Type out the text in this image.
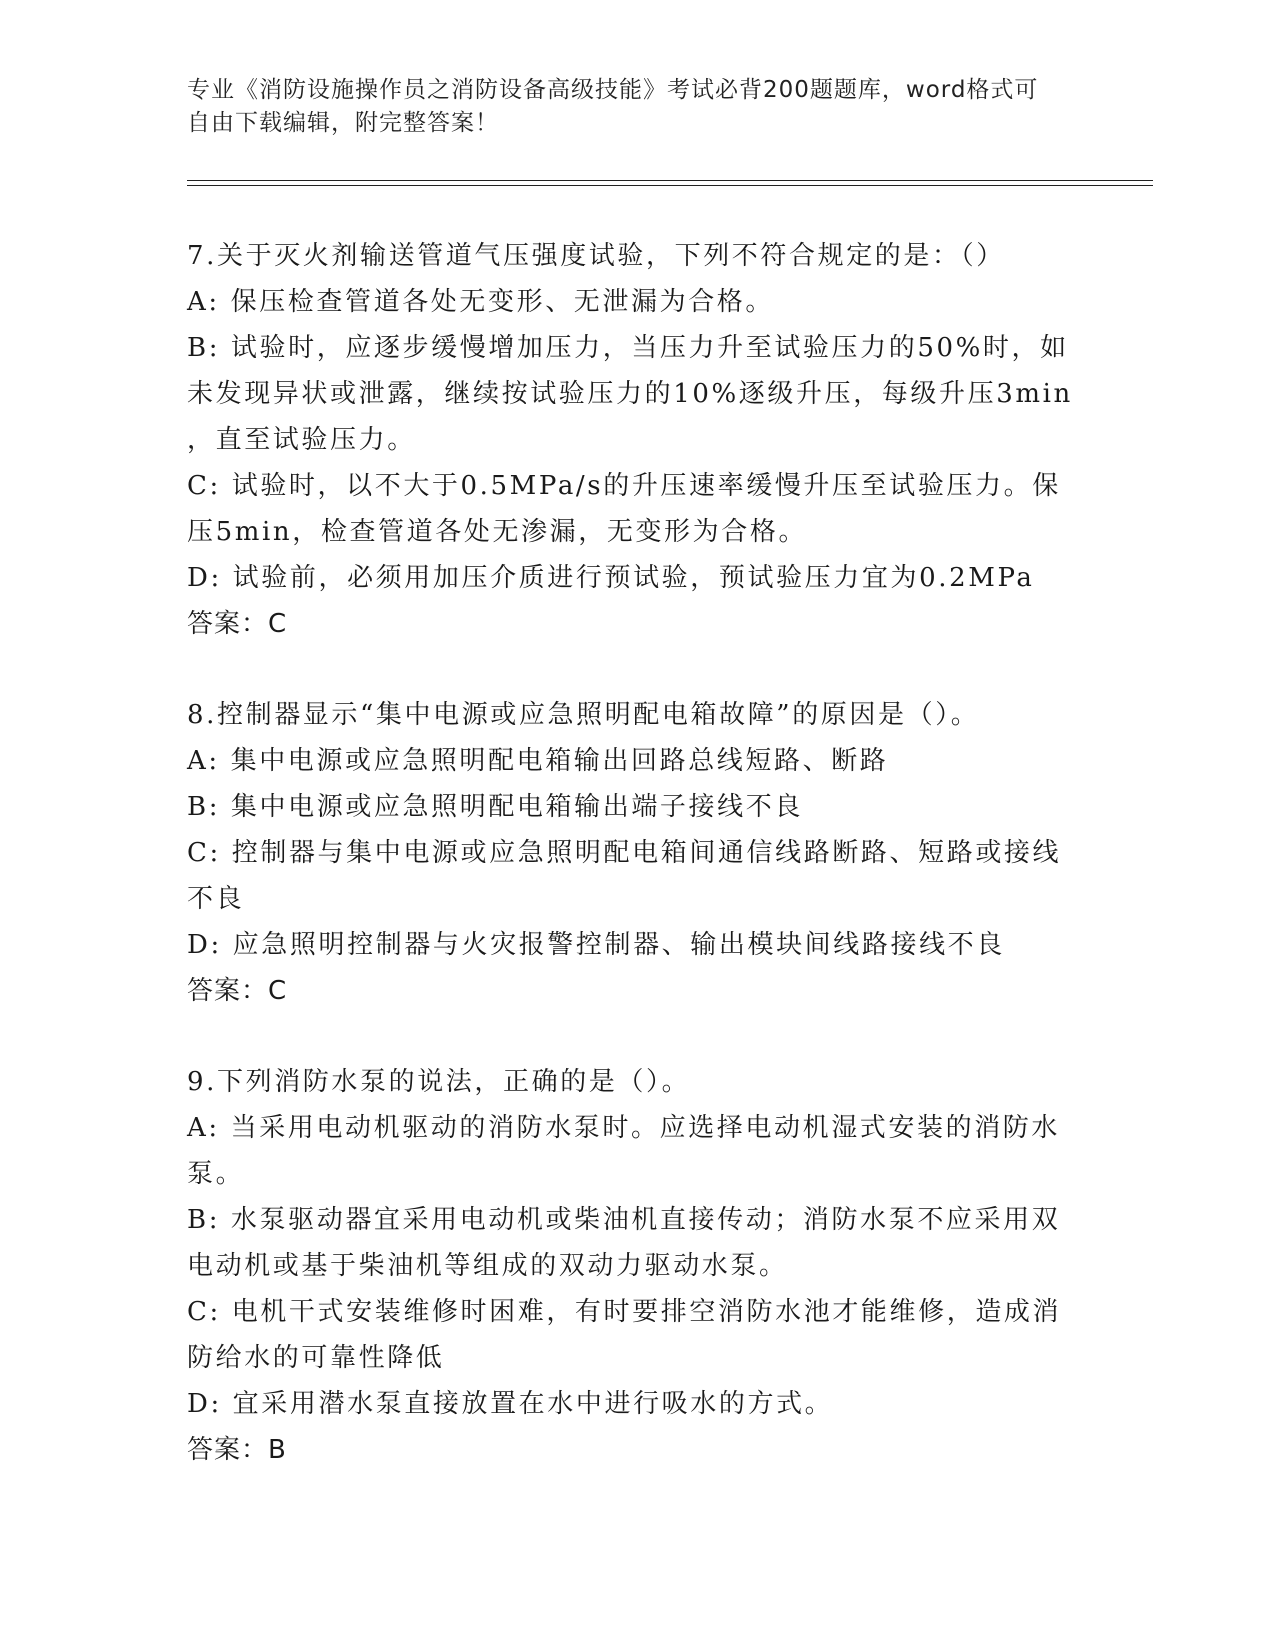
专业《消防设施操作员之消防设备高级技能》考试必背200题题库，word格式可
自由下载编辑，附完整答案！
7.关于灭火剂输送管道气压强度试验，下列不符合规定的是：（）
A: 保压检查管道各处无变形、无泄漏为合格。
B: 试验时，应逐步缓慢增加压力，当压力升至试验压力的50%时，如
未发现异状或泄露，继续按试验压力的10%逐级升压，每级升压3min
，直至试验压力。
C: 试验时，以不大于0.5MPa/s的升压速率缓慢升压至试验压力。保
压5min，检查管道各处无渗漏，无变形为合格。
D: 试验前，必须用加压介质进行预试验，预试验压力宜为0.2MPa
答案：C
8.控制器显示“集中电源或应急照明配电箱故障”的原因是（）。
A: 集中电源或应急照明配电箱输出回路总线短路、断路
B: 集中电源或应急照明配电箱输出端子接线不良
C: 控制器与集中电源或应急照明配电箱间通信线路断路、短路或接线
不良
D: 应急照明控制器与火灾报警控制器、输出模块间线路接线不良
答案：C
9.下列消防水泵的说法，正确的是（）。
A: 当采用电动机驱动的消防水泵时。应选择电动机湿式安装的消防水
泵。
B: 水泵驱动器宜采用电动机或柴油机直接传动；消防水泵不应采用双
电动机或基于柴油机等组成的双动力驱动水泵。
C: 电机干式安装维修时困难，有时要排空消防水池才能维修，造成消
防给水的可靠性降低
D: 宜采用潜水泵直接放置在水中进行吸水的方式。
答案：B
